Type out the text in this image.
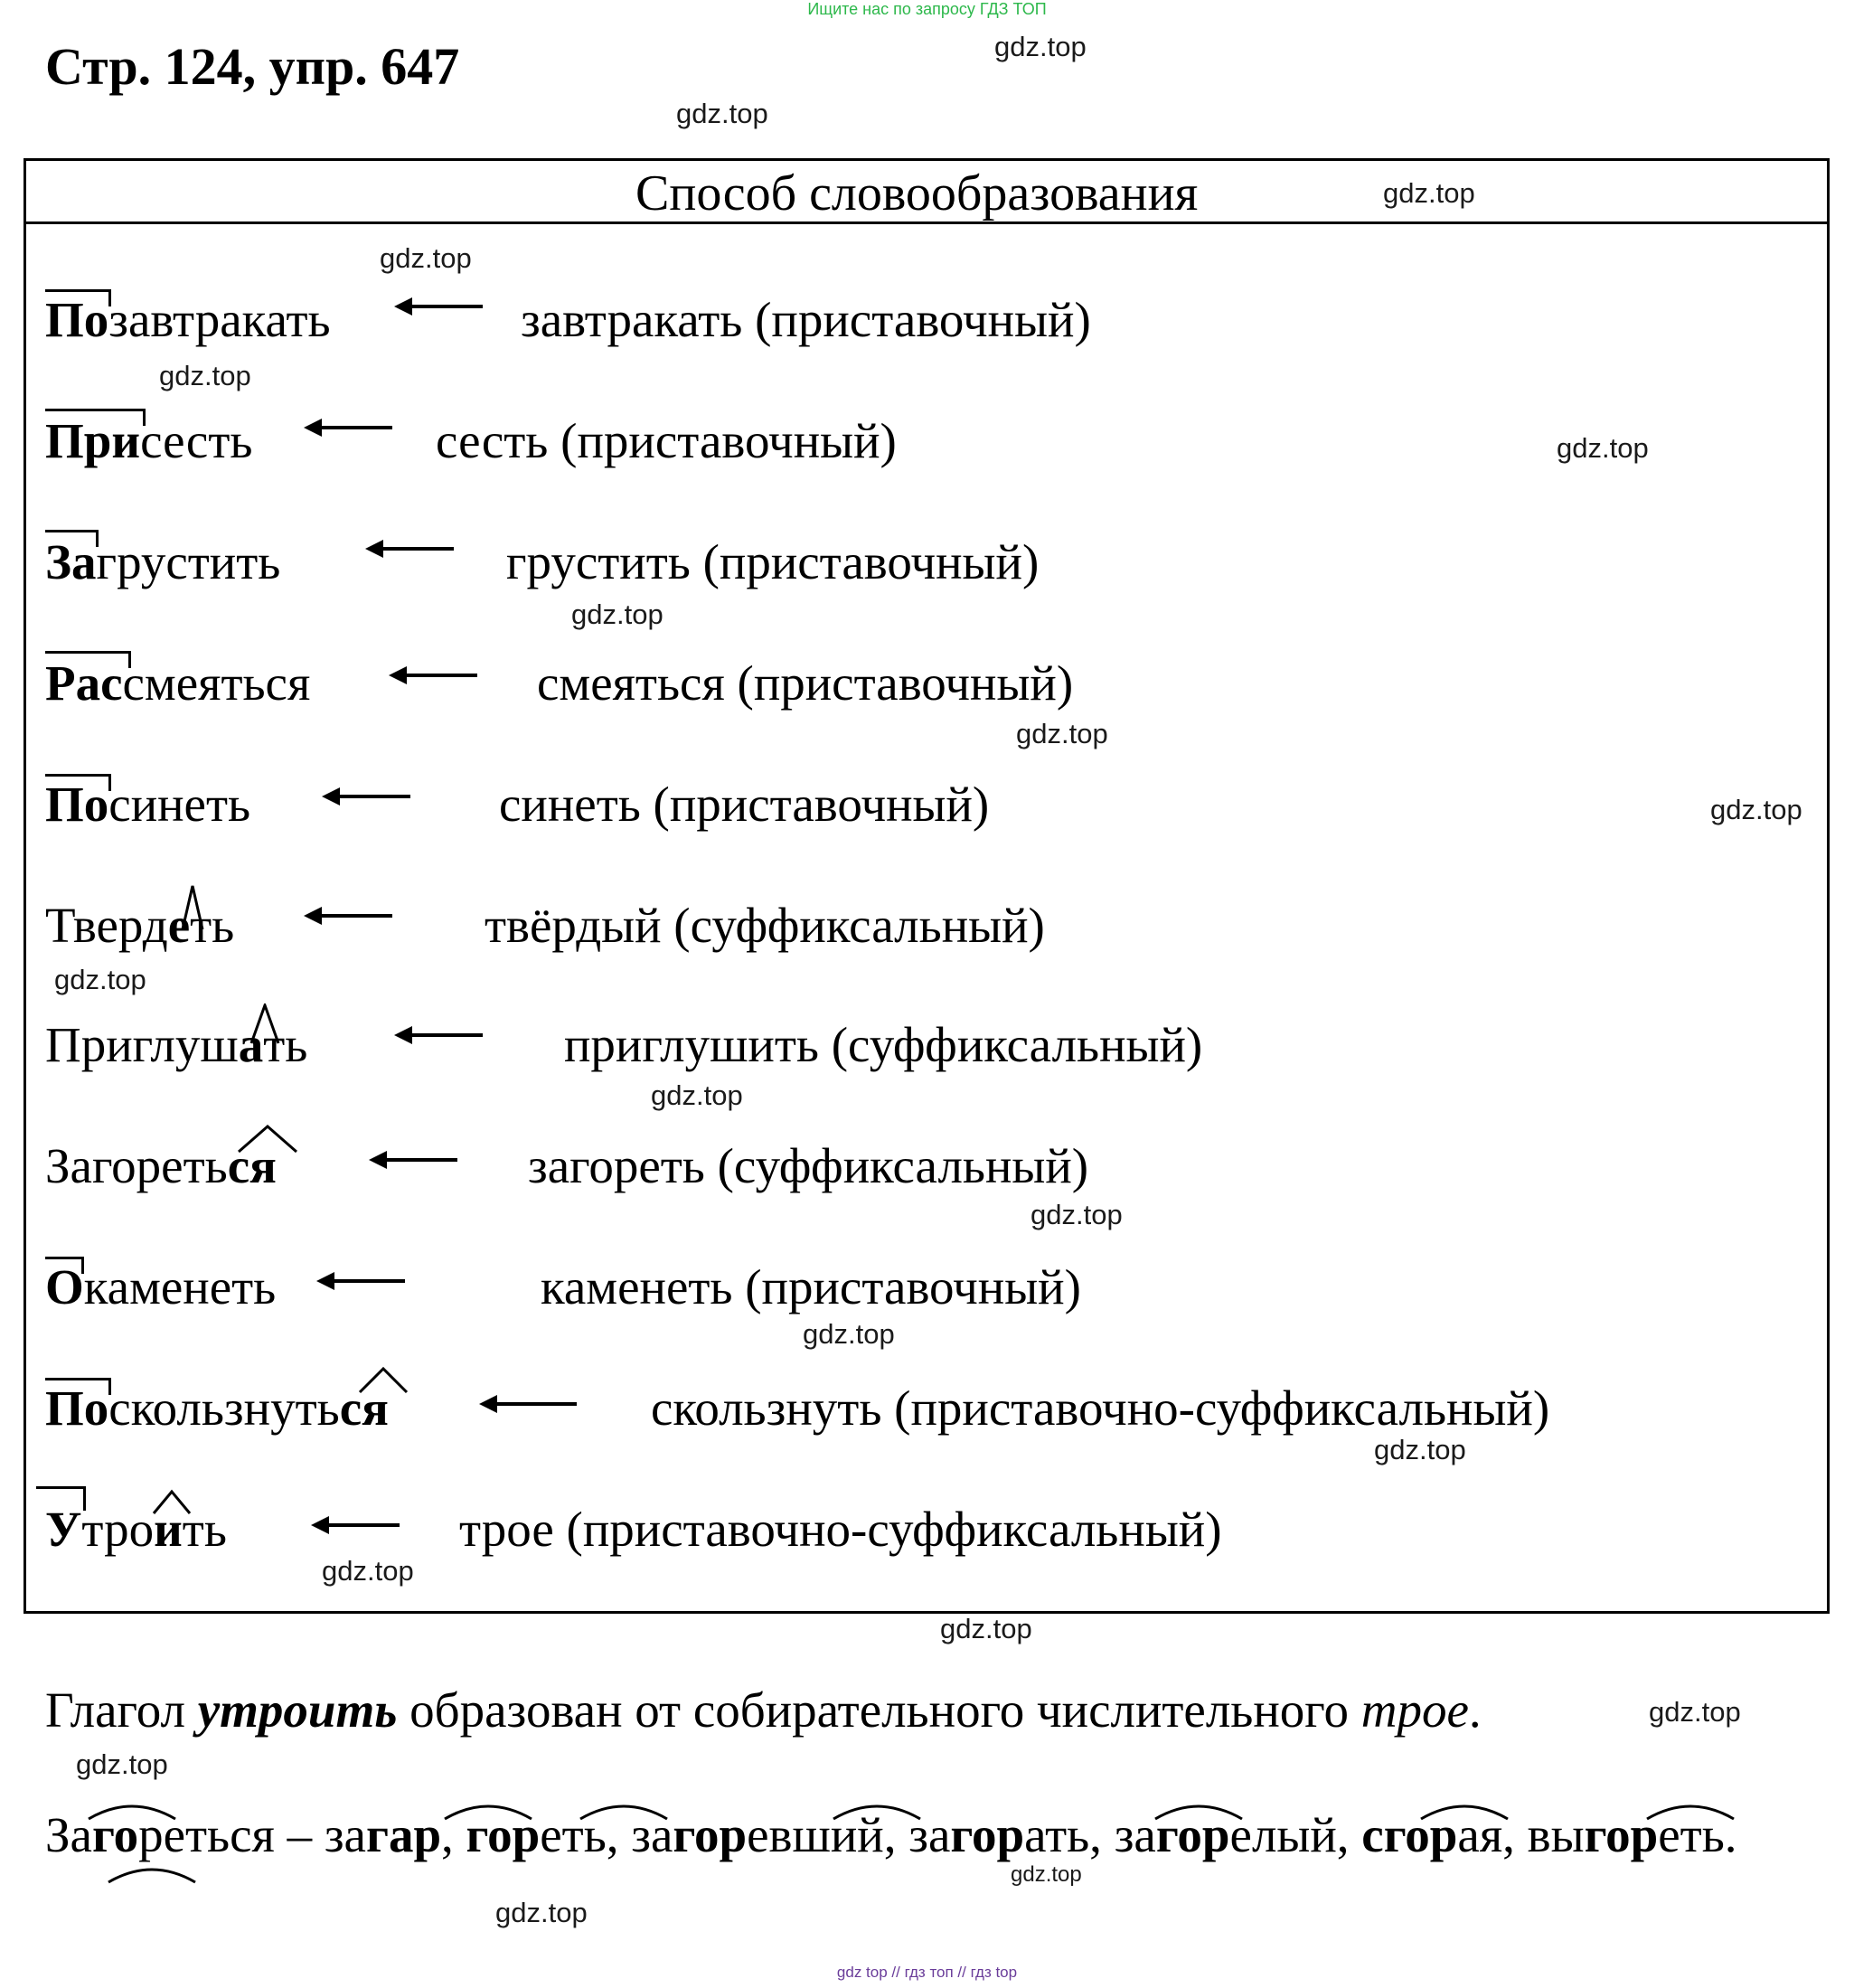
Ищите нас по запросу ГДЗ ТОП
Стр. 124, упр. 647	gdz.top
gdz.top
gdz.top
gdz.top
gdz.top
gdz.top
gdz.top
gdz.top
gdz.top
gdz.top
gdz.top
gdz.top
gdz.top
gdz.top
gdz.top
gdz.top
gdz.top
gdz.top
gdz.top
gdz.top
Способ словообразования
Позавтракать	завтракать (приставочный)
Присесть	сесть (приставочный)
Загрустить	грустить (приставочный)
Рассмеяться	смеяться (приставочный)
Посинеть	синеть (приставочный)
Твердеть	твёрдый (суффиксальный)
Приглушать	приглушить (суффиксальный)
Загореться	загореть (суффиксальный)
Окаменеть	каменеть (приставочный)
Поскользнуться	скользнуть (приставочно-суффиксальный)
Утроить	трое (приставочно-суффиксальный)
Глагол утроить образован от собирательного числительного трое.
Загореться – загар, гореть, загоревший, загорать, загорелый, сгорая, выгореть.
gdz top // гдз топ // гдз top
